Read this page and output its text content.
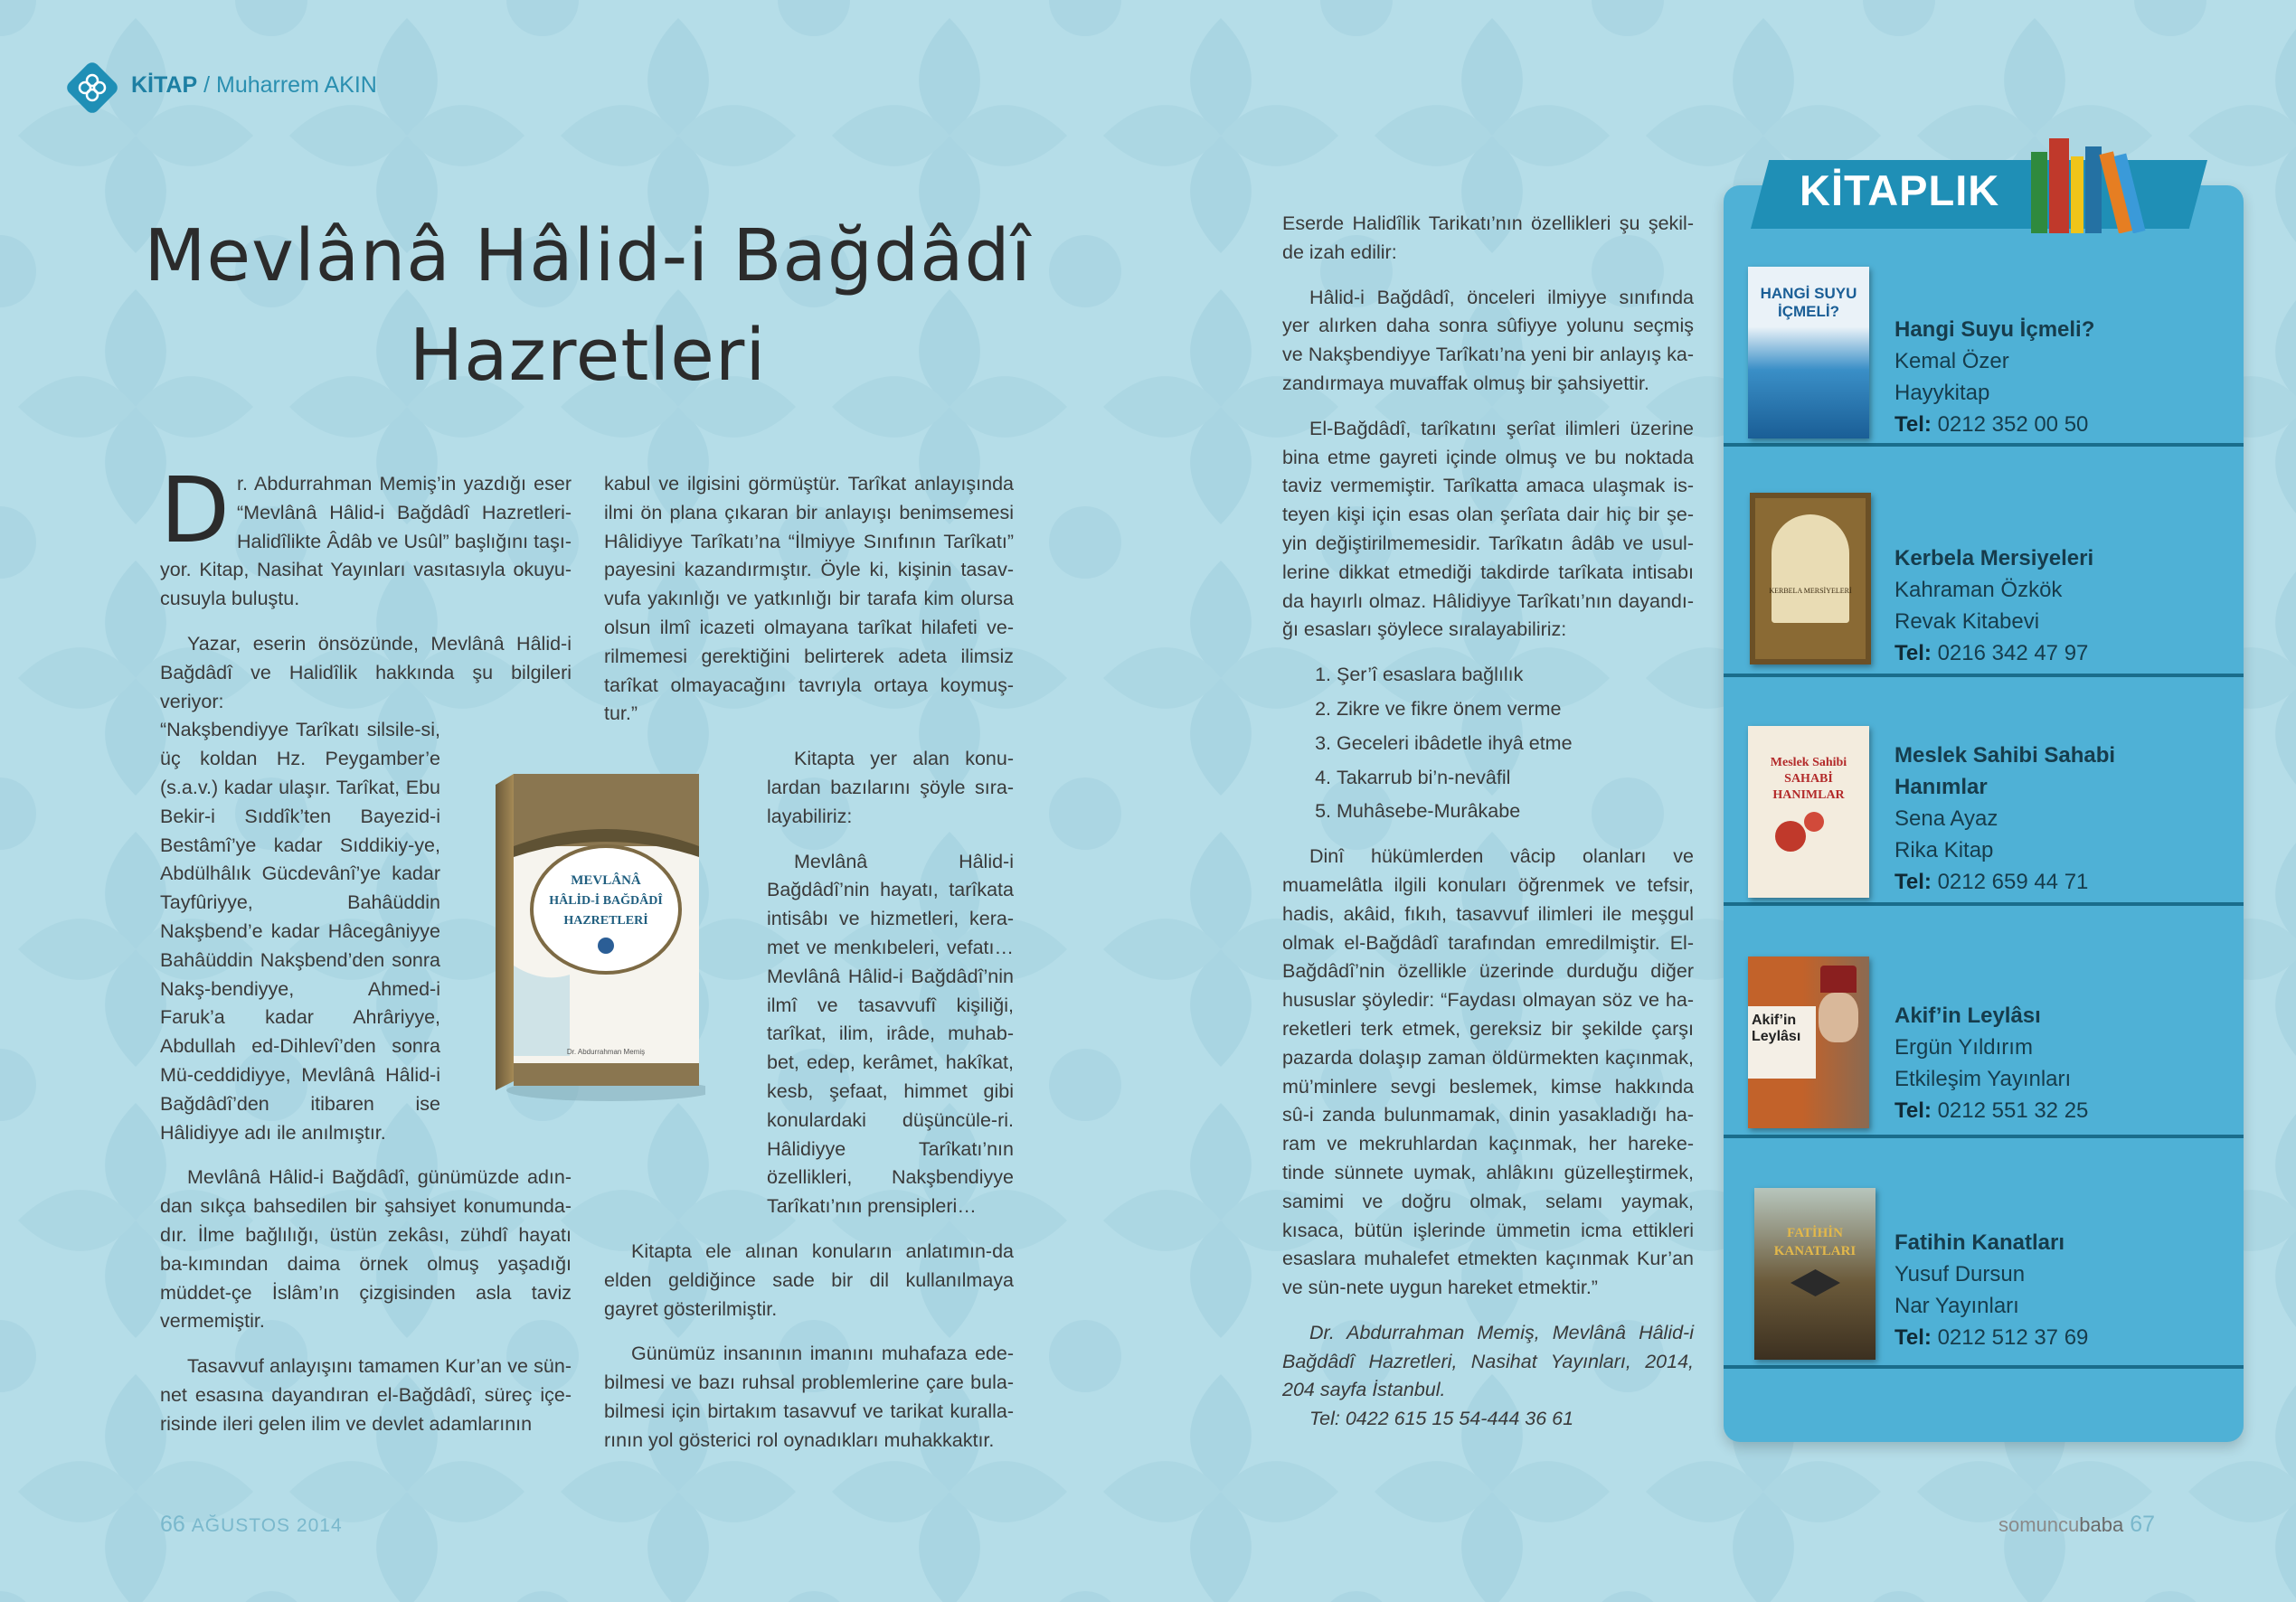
KİTAP / Muharrem AKIN
Mevlânâ Hâlid-i Bağdâdî
Hazretleri

Dr. Abdurrahman Memiş’in yazdığı eser “Mevlânâ Hâlid-i Bağdâdî Hazretleri-Halidîlikte Âdâb ve Usûl” başlığını taşı-yor. Kitap, Nasihat Yayınları vasıtasıyla okuyu-cusuyla buluştu.

Yazar, eserin önsözünde, Mevlânâ Hâlid-i Bağdâdî ve Halidîlik hakkında şu bilgileri veriyor:

“Nakşbendiyye Tarîkatı silsile-si, üç koldan Hz. Peygamber’e (s.a.v.) kadar ulaşır. Tarîkat, Ebu Bekir-i Sıddîk’ten Bayezid-i Bestâmî’ye kadar Sıddikiy-ye, Abdülhâlık Gücdevânî’ye kadar Tayfûriyye, Bahâüddin Nakşbend’e kadar Hâcegâniyye Bahâüddin Nakşbend’den sonra Nakş-bendiyye, Ahmed-i Faruk’a kadar Ahrâriyye, Abdullah ed-Dihlevî’den sonra Mü-ceddidiyye, Mevlânâ Hâlid-i Bağdâdî’den itibaren ise Hâlidiyye adı ile anılmıştır.

Mevlânâ Hâlid-i Bağdâdî, günümüzde adın-dan sıkça bahsedilen bir şahsiyet konumunda-dır. İlme bağlılığı, üstün zekâsı, zühdî hayatı ba-kımından daima örnek olmuş yaşadığı müddet-çe İslâm’ın çizgisinden asla taviz vermemiştir.

Tasavvuf anlayışını tamamen Kur’an ve sün-net esasına dayandıran el-Bağdâdî, süreç içe-risinde ileri gelen ilim ve devlet adamlarının

MEVLÂNÂ
HÂLİD-İ BAĞDÂDÎ
HAZRETLERİ
Dr. Abdurrahman Memiş

kabul ve ilgisini görmüştür. Tarîkat anlayışında ilmi ön plana çıkaran bir anlayışı benimsemesi Hâlidiyye Tarîkatı’na “İlmiyye Sınıfının Tarîkatı” payesini kazandırmıştır. Öyle ki, kişinin tasav-vufa yakınlığı ve yatkınlığı bir tarafa kim olursa olsun ilmî icazeti olmayana tarîkat hilafeti ve-rilmemesi gerektiğini belirterek adeta ilimsiz tarîkat olmayacağını tavrıyla ortaya koymuş-tur.”

Kitapta yer alan konu-lardan bazılarını şöyle sıra-layabiliriz:

Mevlânâ Hâlid-i Bağdâdî’nin hayatı, tarîkata intisâbı ve hizmetleri, kera-met ve menkıbeleri, vefatı… Mevlânâ Hâlid-i Bağdâdî’nin ilmî ve tasavvufî kişiliği, tarîkat, ilim, irâde, muhab-bet, edep, kerâmet, hakîkat, kesb, şefaat, himmet gibi konulardaki düşüncüle-ri. Hâlidiyye Tarîkatı’nın özellikleri, Nakşbendiyye Tarîkatı’nın prensipleri…

Kitapta ele alınan konuların anlatımın-da elden geldiğince sade bir dil kullanılmaya gayret gösterilmiştir.

Günümüz insanının imanını muhafaza ede-bilmesi ve bazı ruhsal problemlerine çare bula-bilmesi için birtakım tasavvuf ve tarikat kuralla-rının yol gösterici rol oynadıkları muhakkaktır.

Eserde Halidîlik Tarikatı’nın özellikleri şu şekil-de izah edilir:

Hâlid-i Bağdâdî, önceleri ilmiyye sınıfında yer alırken daha sonra sûfiyye yolunu seçmiş ve Nakşbendiyye Tarîkatı’na yeni bir anlayış ka-zandırmaya muvaffak olmuş bir şahsiyettir.

El-Bağdâdî, tarîkatını şerîat ilimleri üzerine bina etme gayreti içinde olmuş ve bu noktada taviz vermemiştir. Tarîkatta amaca ulaşmak is-teyen kişi için esas olan şerîata dair hiç bir şe-yin değiştirilmemesidir. Tarîkatın âdâb ve usul-lerine dikkat etmediği takdirde tarîkata intisabı da hayırlı olmaz. Hâlidiyye Tarîkatı’nın dayandı-ğı esasları şöylece sıralayabiliriz:

1. Şer’î esaslara bağlılık
2. Zikre ve fikre önem verme
3. Geceleri ibâdetle ihyâ etme
4. Takarrub bi’n-nevâfil
5. Muhâsebe-Murâkabe

Dinî hükümlerden vâcip olanları ve muamelâtla ilgili konuları öğrenmek ve tefsir, hadis, akâid, fıkıh, tasavvuf ilimleri ile meşgul olmak el-Bağdâdî tarafından emredilmiştir. El-Bağdâdî’nin özellikle üzerinde durduğu diğer hususlar şöyledir: “Faydası olmayan söz ve ha-reketleri terk etmek, gereksiz bir şekilde çarşı pazarda dolaşıp zaman öldürmekten kaçınmak, mü’minlere sevgi beslemek, kimse hakkında sû-i zanda bulunmamak, dinin yasakladığı ha-ram ve mekruhlardan kaçınmak, her hareke-tinde sünnete uymak, ahlâkını güzelleştirmek, samimi ve doğru olmak, selamı yaymak, kısaca, bütün işlerinde ümmetin icma ettikleri esaslara muhalefet etmekten kaçınmak Kur’an ve sün-nete uygun hareket etmektir.”

Dr. Abdurrahman Memiş, Mevlânâ Hâlid-i Bağdâdî Hazretleri, Nasihat Yayınları, 2014, 204 sayfa İstanbul.

Tel: 0422 615 15 54-444 36 61

66 AĞUSTOS 2014	somuncubaba 67
KİTAPLIK
HANGİ SUYU İÇMELİ?
Hangi Suyu İçmeli?
Kemal Özer
Hayykitap
Tel: 0212 352 00 50
KERBELA MERSİYELERİ
Kerbela Mersiyeleri
Kahraman Özkök
Revak Kitabevi
Tel: 0216 342 47 97
Meslek Sahibi SAHABİ HANIMLAR
Meslek Sahibi Sahabi Hanımlar
Sena Ayaz
Rika Kitap
Tel: 0212 659 44 71
Akif’in Leylâsı
Akif’in Leylâsı
Ergün Yıldırım
Etkileşim Yayınları
Tel: 0212 551 32 25
FATİHİN KANATLARI	Fatihin Kanatları
Yusuf Dursun
Nar Yayınları
Tel: 0212 512 37 69
